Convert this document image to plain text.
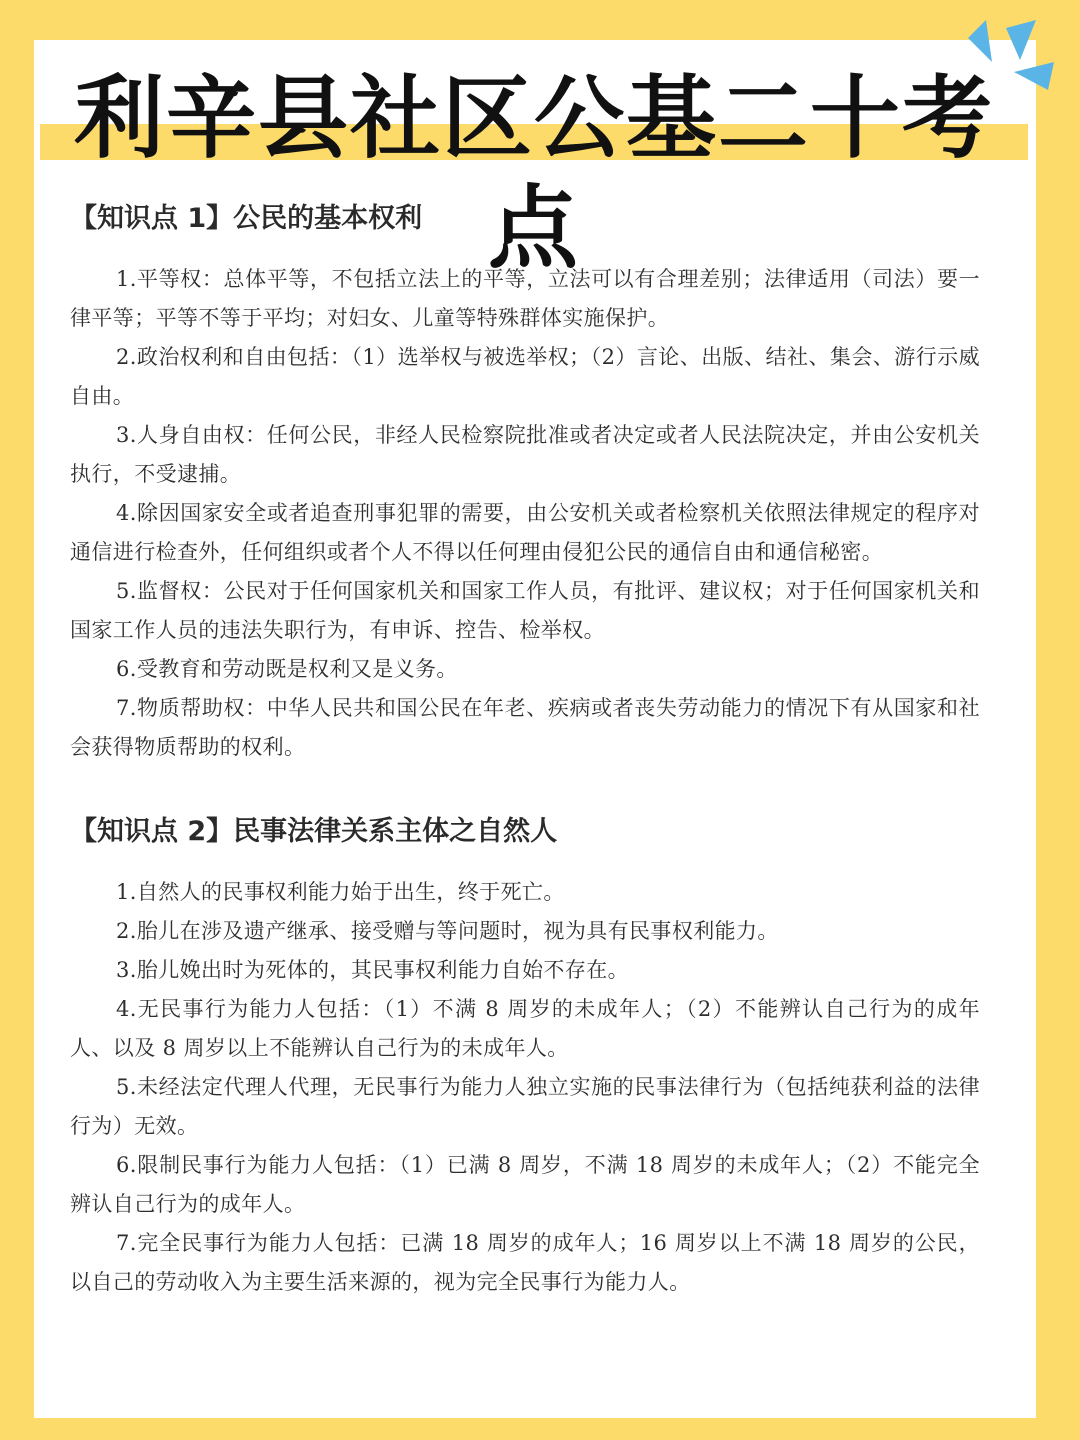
利辛县社区公基二十考点
【知识点 1】公民的基本权利

1.平等权：总体平等，不包括立法上的平等，立法可以有合理差别；法律适用（司法）要一律平等；平等不等于平均；对妇女、儿童等特殊群体实施保护。

2.政治权利和自由包括：（1）选举权与被选举权；（2）言论、出版、结社、集会、游行示威自由。

3.人身自由权：任何公民，非经人民检察院批准或者决定或者人民法院决定，并由公安机关执行，不受逮捕。

4.除因国家安全或者追查刑事犯罪的需要，由公安机关或者检察机关依照法律规定的程序对通信进行检查外，任何组织或者个人不得以任何理由侵犯公民的通信自由和通信秘密。

5.监督权：公民对于任何国家机关和国家工作人员，有批评、建议权；对于任何国家机关和国家工作人员的违法失职行为，有申诉、控告、检举权。

6.受教育和劳动既是权利又是义务。

7.物质帮助权：中华人民共和国公民在年老、疾病或者丧失劳动能力的情况下有从国家和社会获得物质帮助的权利。

【知识点 2】民事法律关系主体之自然人

1.自然人的民事权利能力始于出生，终于死亡。

2.胎儿在涉及遗产继承、接受赠与等问题时，视为具有民事权利能力。

3.胎儿娩出时为死体的，其民事权利能力自始不存在。

4.无民事行为能力人包括：（1）不满 8 周岁的未成年人；（2）不能辨认自己行为的成年人、以及 8 周岁以上不能辨认自己行为的未成年人。

5.未经法定代理人代理，无民事行为能力人独立实施的民事法律行为（包括纯获利益的法律行为）无效。

6.限制民事行为能力人包括：（1）已满 8 周岁，不满 18 周岁的未成年人；（2）不能完全辨认自己行为的成年人。

7.完全民事行为能力人包括：已满 18 周岁的成年人；16 周岁以上不满 18 周岁的公民，以自己的劳动收入为主要生活来源的，视为完全民事行为能力人。
